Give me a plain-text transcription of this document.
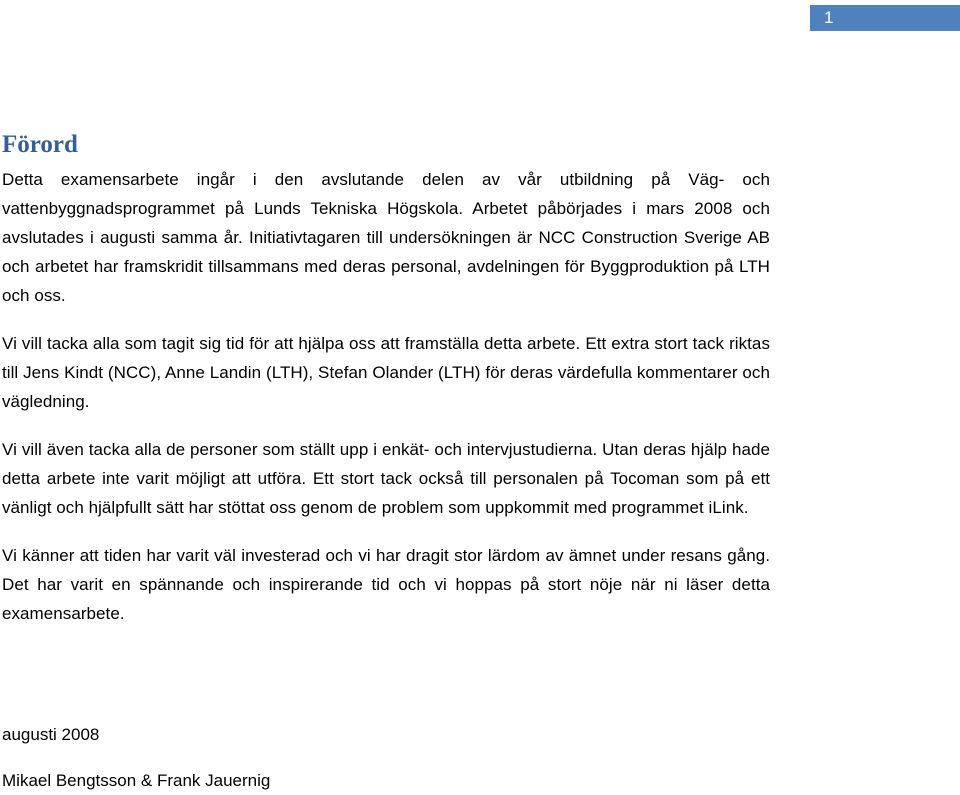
1
Förord

Detta examensarbete ingår i den avslutande delen av vår utbildning på Väg- och vattenbyggnadsprogrammet på Lunds Tekniska Högskola. Arbetet påbörjades i mars 2008 och avslutades i augusti samma år. Initiativtagaren till undersökningen är NCC Construction Sverige AB och arbetet har framskridit tillsammans med deras personal, avdelningen för Byggproduktion på LTH och oss.

Vi vill tacka alla som tagit sig tid för att hjälpa oss att framställa detta arbete. Ett extra stort tack riktas till Jens Kindt (NCC), Anne Landin (LTH), Stefan Olander (LTH) för deras värdefulla kommentarer och vägledning.

Vi vill även tacka alla de personer som ställt upp i enkät- och intervjustudierna. Utan deras hjälp hade detta arbete inte varit möjligt att utföra. Ett stort tack också till personalen på Tocoman som på ett vänligt och hjälpfullt sätt har stöttat oss genom de problem som uppkommit med programmet iLink.

Vi känner att tiden har varit väl investerad och vi har dragit stor lärdom av ämnet under resans gång. Det har varit en spännande och inspirerande tid och vi hoppas på stort nöje när ni läser detta examensarbete.

augusti 2008

Mikael Bengtsson & Frank Jauernig
